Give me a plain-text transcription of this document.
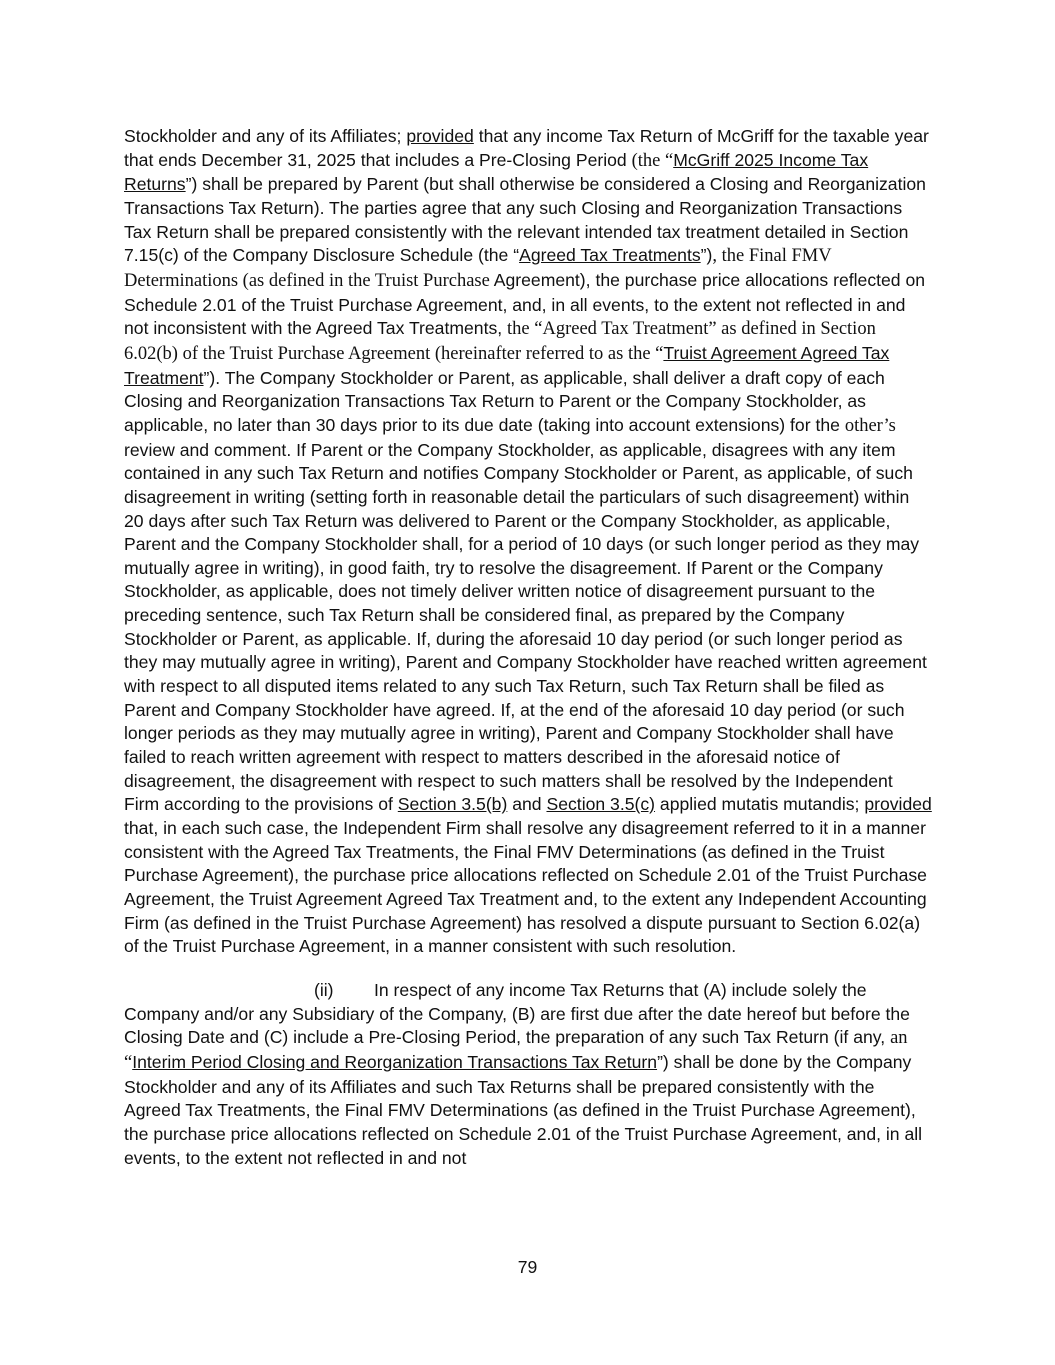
Stockholder and any of its Affiliates; provided that any income Tax Return of McGriff for the taxable year that ends December 31, 2025 that includes a Pre-Closing Period (the “McGriff 2025 Income Tax Returns”) shall be prepared by Parent (but shall otherwise be considered a Closing and Reorganization Transactions Tax Return). The parties agree that any such Closing and Reorganization Transactions Tax Return shall be prepared consistently with the relevant intended tax treatment detailed in Section 7.15(c) of the Company Disclosure Schedule (the “Agreed Tax Treatments”), the Final FMV Determinations (as defined in the Truist Purchase Agreement), the purchase price allocations reflected on Schedule 2.01 of the Truist Purchase Agreement, and, in all events, to the extent not reflected in and not inconsistent with the Agreed Tax Treatments, the “Agreed Tax Treatment” as defined in Section 6.02(b) of the Truist Purchase Agreement (hereinafter referred to as the “Truist Agreement Agreed Tax Treatment”). The Company Stockholder or Parent, as applicable, shall deliver a draft copy of each Closing and Reorganization Transactions Tax Return to Parent or the Company Stockholder, as applicable, no later than 30 days prior to its due date (taking into account extensions) for the other’s review and comment. If Parent or the Company Stockholder, as applicable, disagrees with any item contained in any such Tax Return and notifies Company Stockholder or Parent, as applicable, of such disagreement in writing (setting forth in reasonable detail the particulars of such disagreement) within 20 days after such Tax Return was delivered to Parent or the Company Stockholder, as applicable, Parent and the Company Stockholder shall, for a period of 10 days (or such longer period as they may mutually agree in writing), in good faith, try to resolve the disagreement. If Parent or the Company Stockholder, as applicable, does not timely deliver written notice of disagreement pursuant to the preceding sentence, such Tax Return shall be considered final, as prepared by the Company Stockholder or Parent, as applicable. If, during the aforesaid 10 day period (or such longer period as they may mutually agree in writing), Parent and Company Stockholder have reached written agreement with respect to all disputed items related to any such Tax Return, such Tax Return shall be filed as Parent and Company Stockholder have agreed. If, at the end of the aforesaid 10 day period (or such longer periods as they may mutually agree in writing), Parent and Company Stockholder shall have failed to reach written agreement with respect to matters described in the aforesaid notice of disagreement, the disagreement with respect to such matters shall be resolved by the Independent Firm according to the provisions of Section 3.5(b) and Section 3.5(c) applied mutatis mutandis; provided that, in each such case, the Independent Firm shall resolve any disagreement referred to it in a manner consistent with the Agreed Tax Treatments, the Final FMV Determinations (as defined in the Truist Purchase Agreement), the purchase price allocations reflected on Schedule 2.01 of the Truist Purchase Agreement, the Truist Agreement Agreed Tax Treatment and, to the extent any Independent Accounting Firm (as defined in the Truist Purchase Agreement) has resolved a dispute pursuant to Section 6.02(a) of the Truist Purchase Agreement, in a manner consistent with such resolution.

(ii) In respect of any income Tax Returns that (A) include solely the Company and/or any Subsidiary of the Company, (B) are first due after the date hereof but before the Closing Date and (C) include a Pre-Closing Period, the preparation of any such Tax Return (if any, an “Interim Period Closing and Reorganization Transactions Tax Return”) shall be done by the Company Stockholder and any of its Affiliates and such Tax Returns shall be prepared consistently with the Agreed Tax Treatments, the Final FMV Determinations (as defined in the Truist Purchase Agreement), the purchase price allocations reflected on Schedule 2.01 of the Truist Purchase Agreement, and, in all events, to the extent not reflected in and not

79
